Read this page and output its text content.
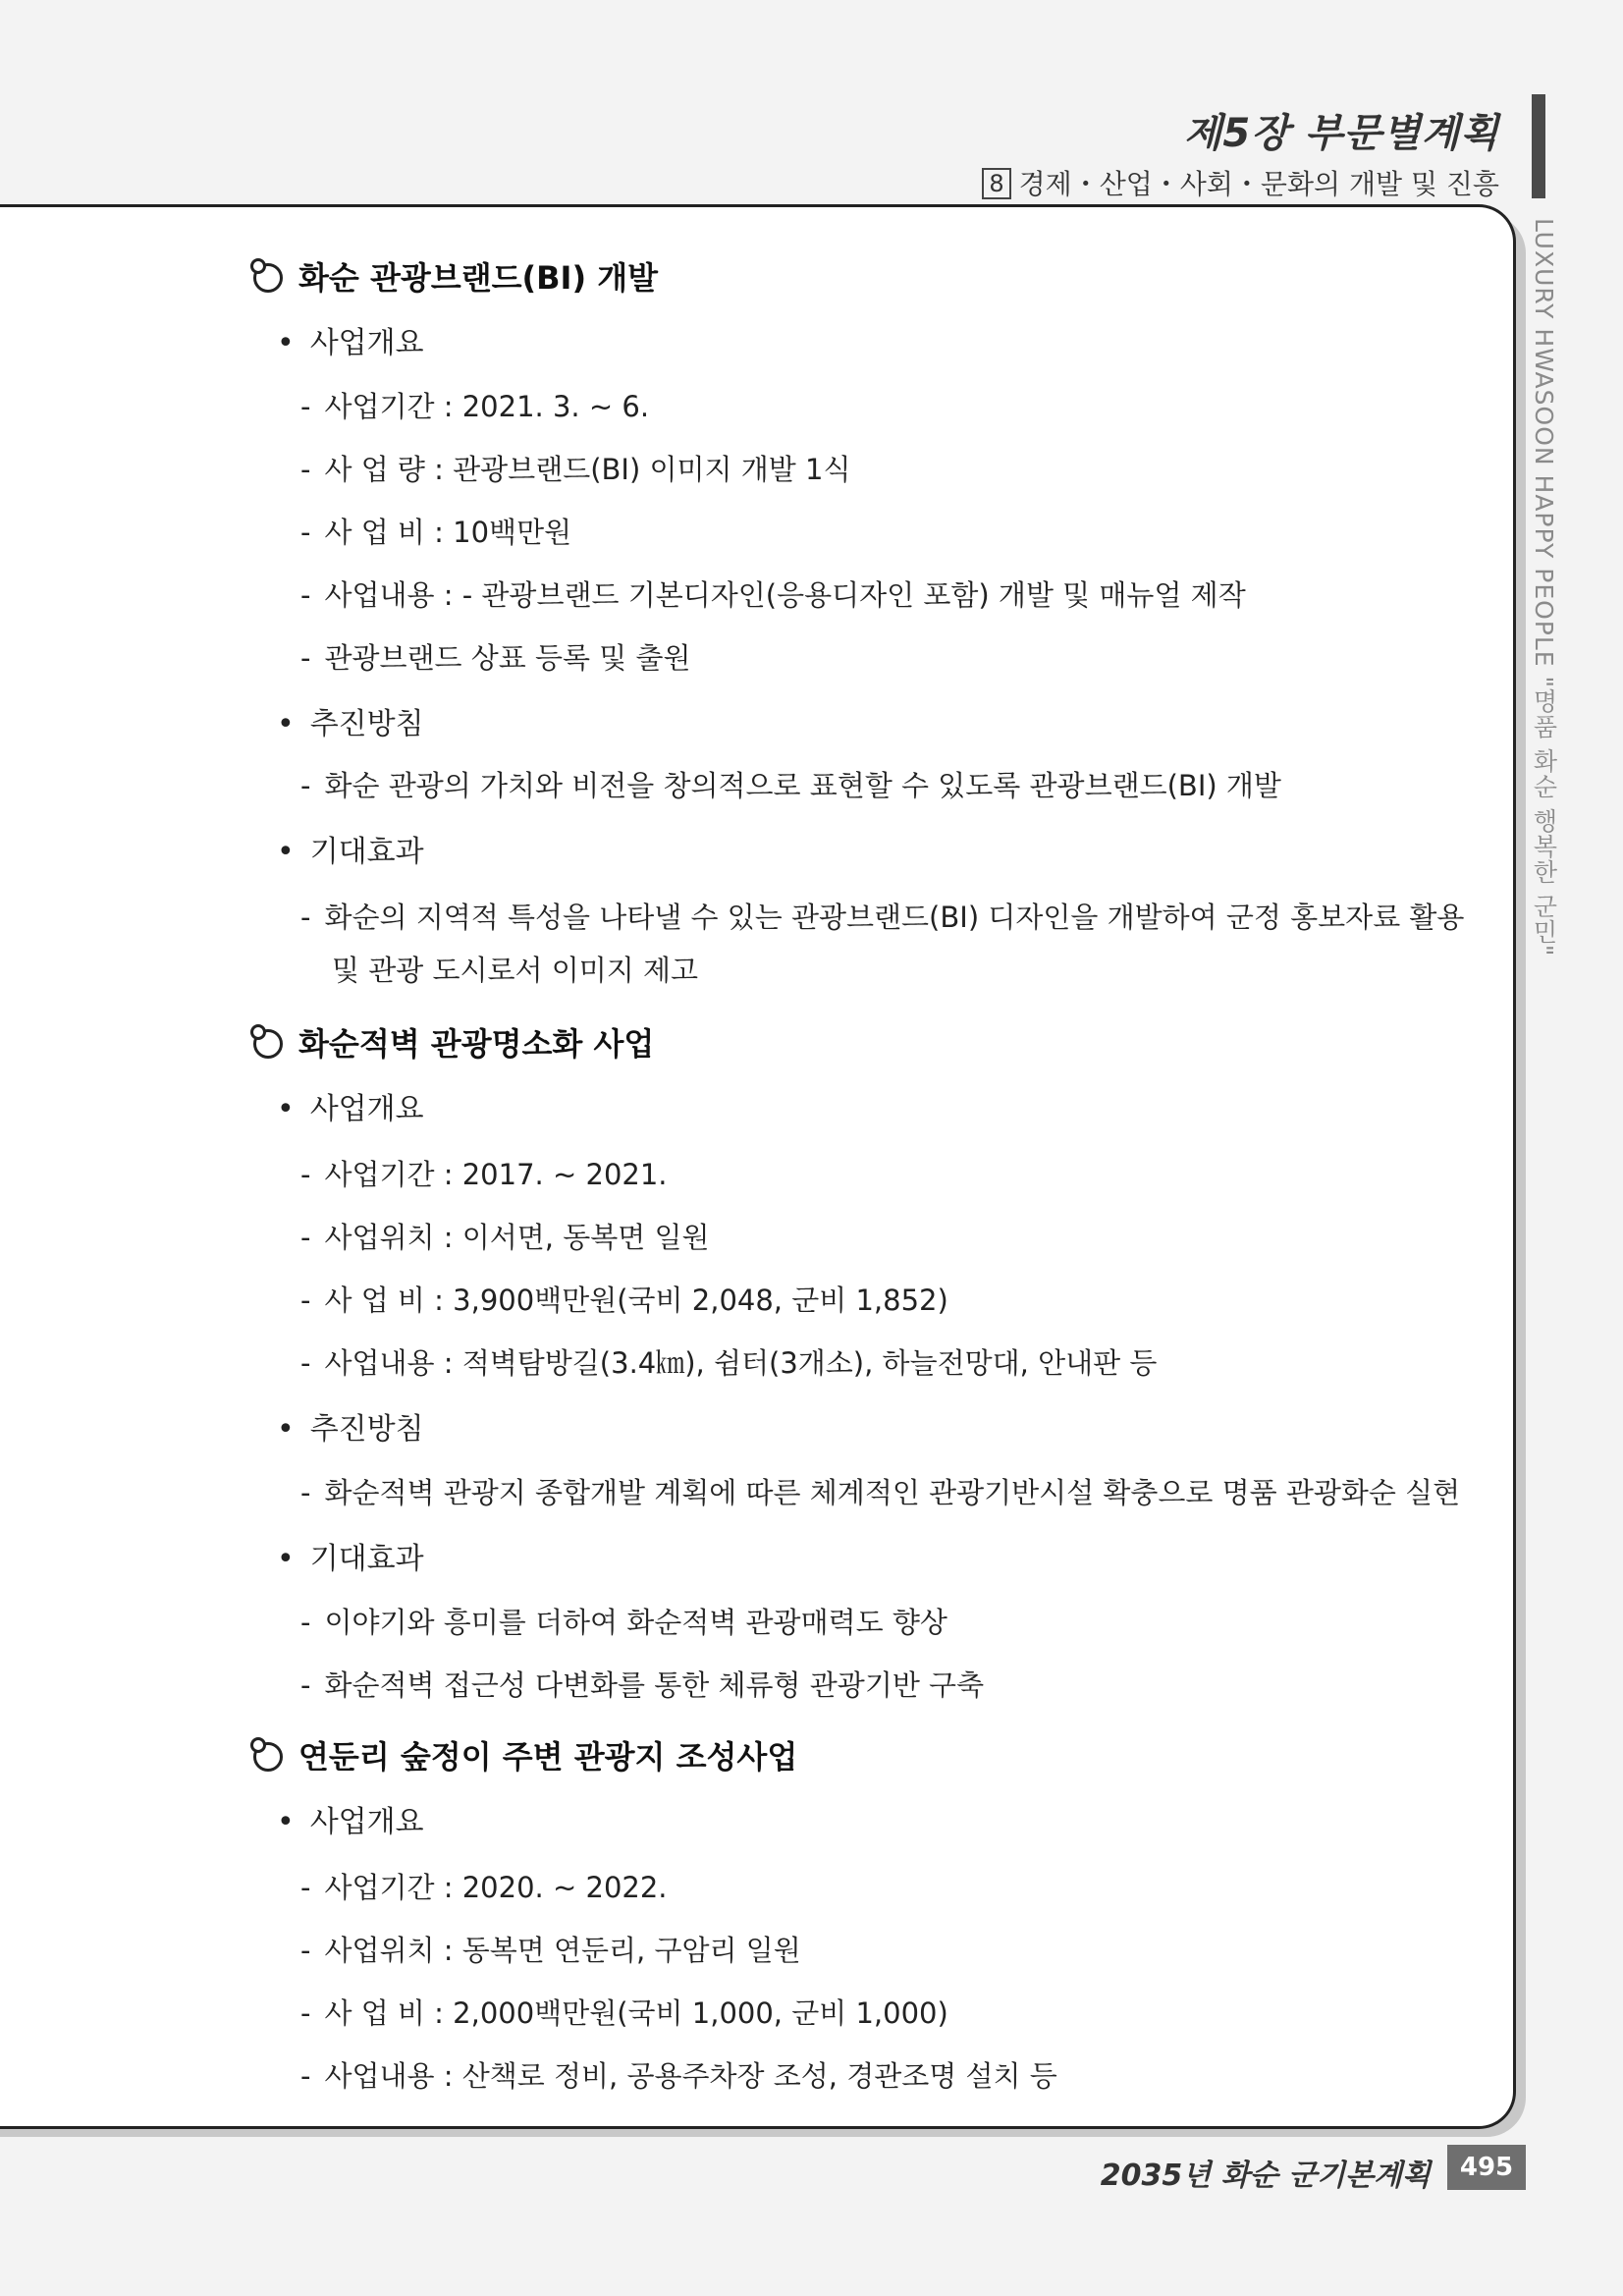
제5장 부문별계획
8 경제・산업・사회・문화의 개발 및 진흥
LUXURY HWASOON HAPPY PEOPLE "명품 화순 행복한 군민"
화순 관광브랜드(BI) 개발
• 사업개요
- 사업기간 : 2021. 3. ~ 6.
- 사 업 량 : 관광브랜드(BI) 이미지 개발 1식
- 사 업 비 : 10백만원
- 사업내용 : - 관광브랜드 기본디자인(응용디자인 포함) 개발 및 매뉴얼 제작
- 관광브랜드 상표 등록 및 출원
• 추진방침
- 화순 관광의 가치와 비전을 창의적으로 표현할 수 있도록 관광브랜드(BI) 개발
• 기대효과
- 화순의 지역적 특성을 나타낼 수 있는 관광브랜드(BI) 디자인을 개발하여 군정 홍보자료 활용
및 관광 도시로서 이미지 제고
화순적벽 관광명소화 사업
• 사업개요
- 사업기간 : 2017. ~ 2021.
- 사업위치 : 이서면, 동복면 일원
- 사 업 비 : 3,900백만원(국비 2,048, 군비 1,852)
- 사업내용 : 적벽탐방길(3.4㎞), 쉼터(3개소), 하늘전망대, 안내판 등
• 추진방침
- 화순적벽 관광지 종합개발 계획에 따른 체계적인 관광기반시설 확충으로 명품 관광화순 실현
• 기대효과
- 이야기와 흥미를 더하여 화순적벽 관광매력도 향상
- 화순적벽 접근성 다변화를 통한 체류형 관광기반 구축
연둔리 숲정이 주변 관광지 조성사업
• 사업개요
- 사업기간 : 2020. ~ 2022.
- 사업위치 : 동복면 연둔리, 구암리 일원
- 사 업 비 : 2,000백만원(국비 1,000, 군비 1,000)
- 사업내용 : 산책로 정비, 공용주차장 조성, 경관조명 설치 등
2035년 화순 군기본계획	495
